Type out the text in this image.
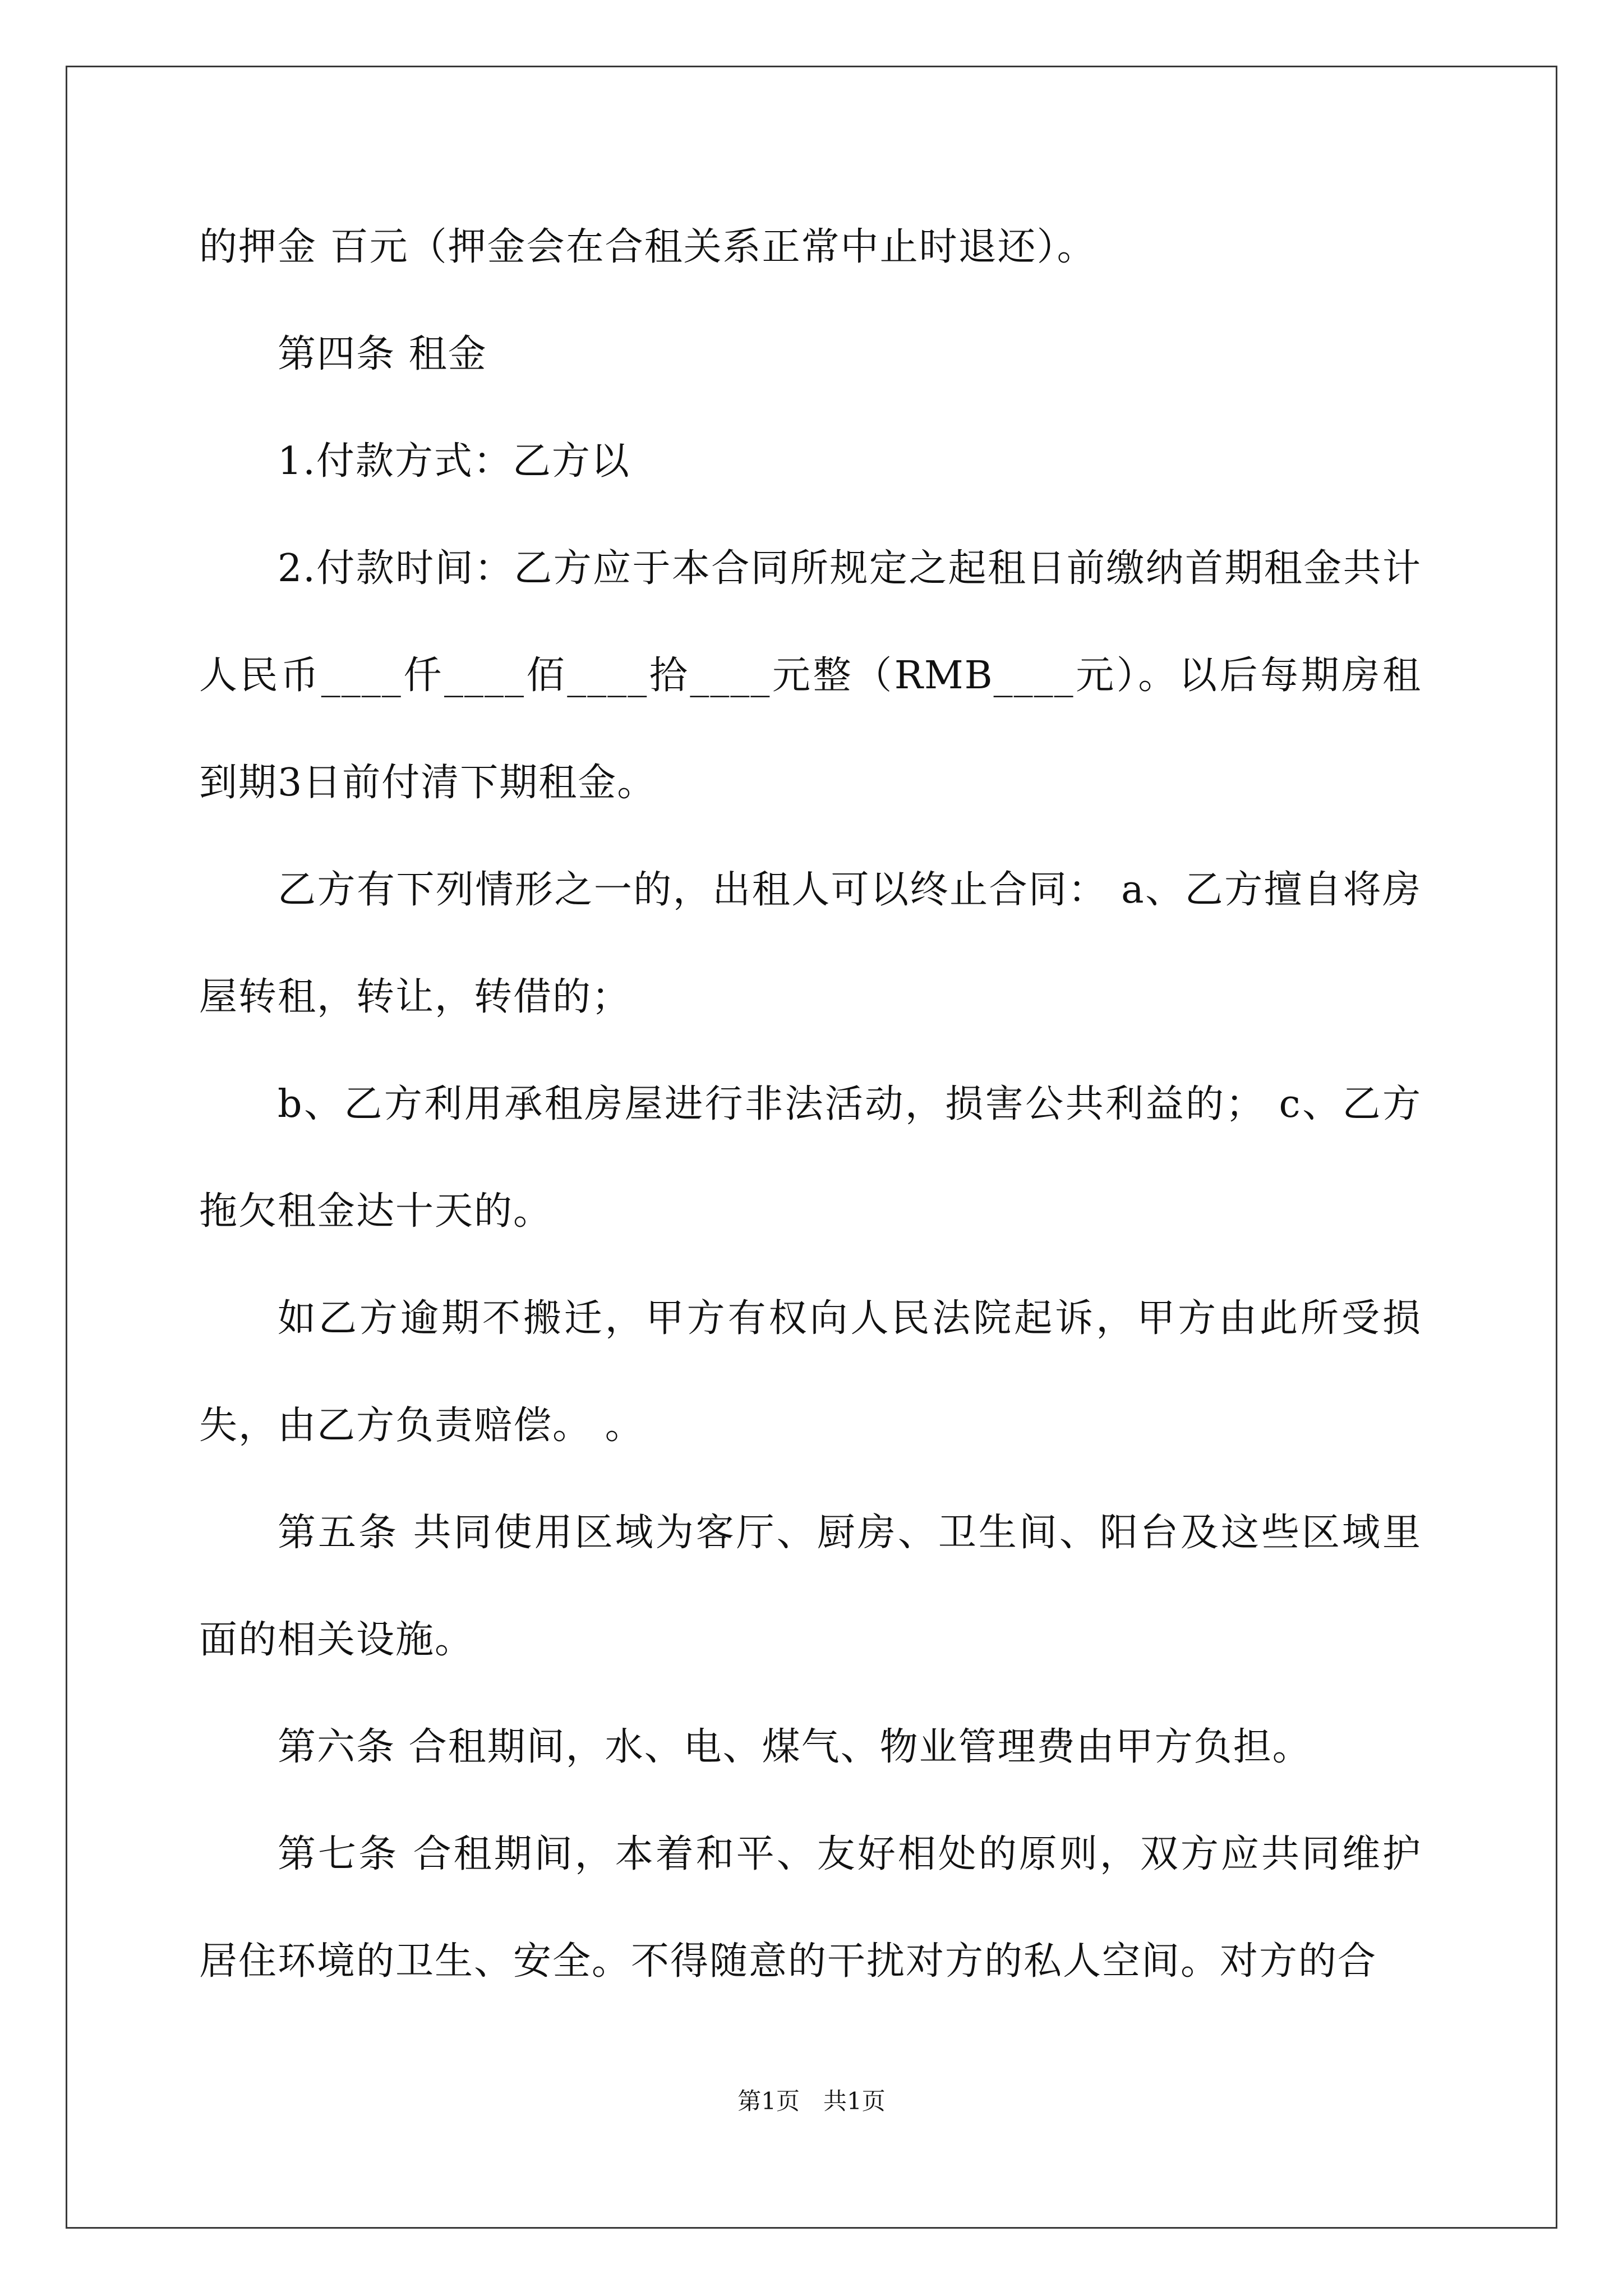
的押金 百元（押金会在合租关系正常中止时退还）。

第四条 租金

1.付款方式：乙方以

2.付款时间：乙方应于本合同所规定之起租日前缴纳首期租金共计人民币____仟____佰____拾____元整（RMB____元）。以后每期房租到期3日前付清下期租金。

乙方有下列情形之一的，出租人可以终止合同： a、乙方擅自将房屋转租，转让，转借的；

b、乙方利用承租房屋进行非法活动，损害公共利益的； c、乙方拖欠租金达十天的。

如乙方逾期不搬迁，甲方有权向人民法院起诉，甲方由此所受损失，由乙方负责赔偿。 。

第五条 共同使用区域为客厅、厨房、卫生间、阳台及这些区域里面的相关设施。

第六条 合租期间，水、电、煤气、物业管理费由甲方负担。

第七条 合租期间，本着和平、友好相处的原则，双方应共同维护居住环境的卫生、安全。不得随意的干扰对方的私人空间。对方的合

第1页　共1页
